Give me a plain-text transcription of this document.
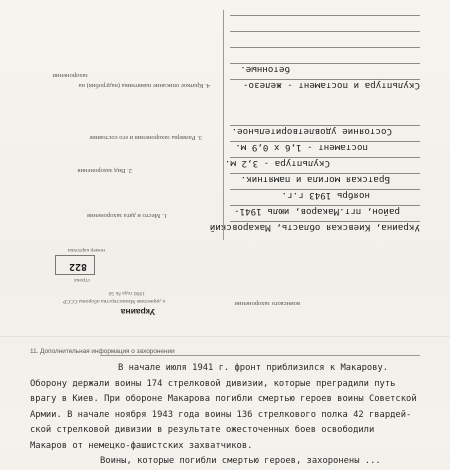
Украина
к директиве Министерства обороны СССР
1990 года № 50
воинского захоронения
строка
822
номер карточки
1. Место и дата захоронения
Украина, Киевская область, Макаровский
район, пгт.Макаров, июль 1941-
ноябрь 1943 г.г.
2. Вид захоронения
Братская могила и памятник.
3. Размеры захоронения и его состояние
Скульптура - 3,2 м.
постамент - 1,6 х 0,9 м.
Состояние удовлетворительное.
4. Краткое описание памятника (надгробия) на
захоронении
Скульптура и постамент - железо-
бетонные.
11. Дополнительная информация о захоронении
В начале июля 1941 г. фронт приблизился к Макарову.
Оборону держали воины 174 стрелковой дивизии, которые преградили путь
врагу в Киев. При обороне Макарова погибли смертью героев воины Советской
Армии. В начале ноября 1943 года воины 136 стрелкового полка 42 гвардей-
ской стрелковой дивизии в результате ожесточенных боев освободили
Макаров от немецко-фашистских захватчиков.
Воины, которые погибли смертью героев, захоронены ...
